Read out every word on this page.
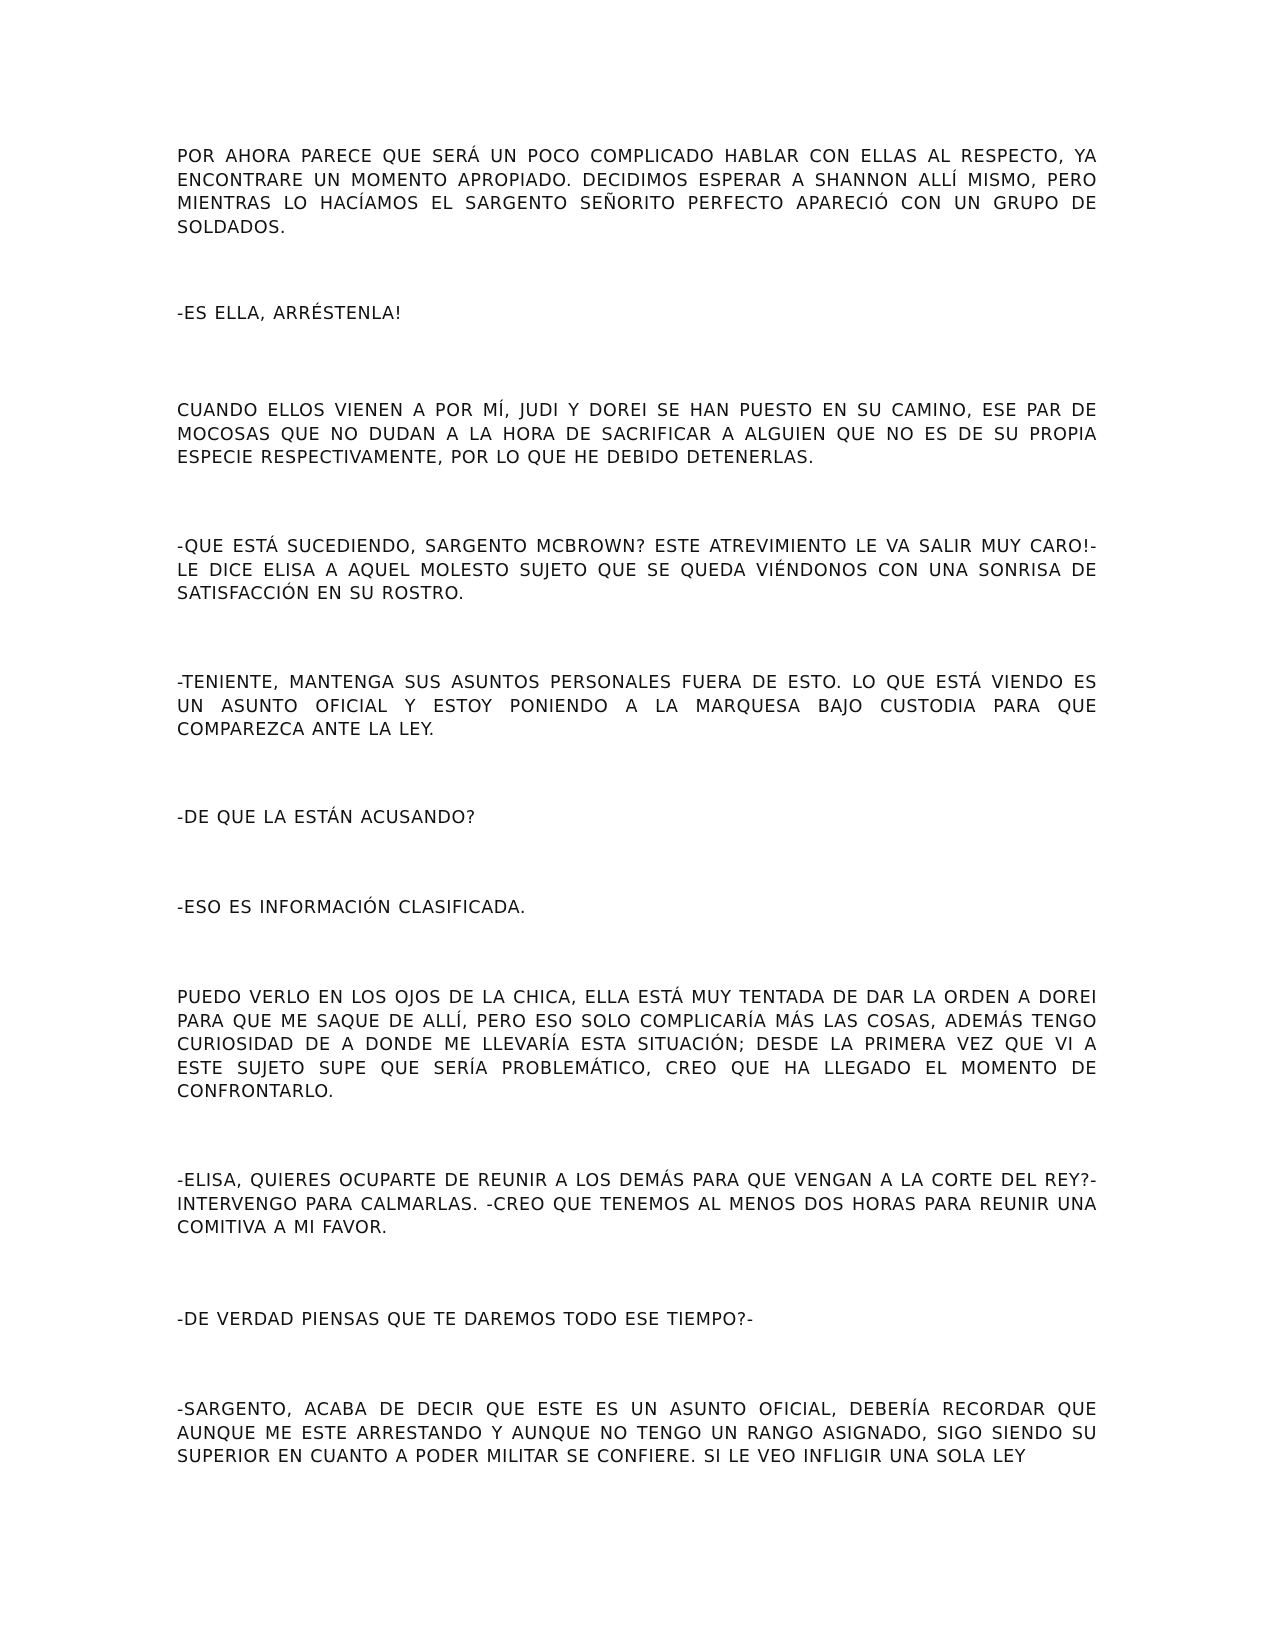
POR AHORA PARECE QUE SERÁ UN POCO COMPLICADO HABLAR CON ELLAS AL RESPECTO, YA ENCONTRARE UN MOMENTO APROPIADO. DECIDIMOS ESPERAR A SHANNON ALLÍ MISMO, PERO MIENTRAS LO HACÍAMOS EL SARGENTO SEÑORITO PERFECTO APARECIÓ CON UN GRUPO DE SOLDADOS.

-ES ELLA, ARRÉSTENLA!

CUANDO ELLOS VIENEN A POR MÍ, JUDI Y DOREI SE HAN PUESTO EN SU CAMINO, ESE PAR DE MOCOSAS QUE NO DUDAN A LA HORA DE SACRIFICAR A ALGUIEN QUE NO ES DE SU PROPIA ESPECIE RESPECTIVAMENTE, POR LO QUE HE DEBIDO DETENERLAS.

-QUE ESTÁ SUCEDIENDO, SARGENTO MCBROWN? ESTE ATREVIMIENTO LE VA SALIR MUY CARO!- LE DICE ELISA A AQUEL MOLESTO SUJETO QUE SE QUEDA VIÉNDONOS CON UNA SONRISA DE SATISFACCIÓN EN SU ROSTRO.

-TENIENTE, MANTENGA SUS ASUNTOS PERSONALES FUERA DE ESTO. LO QUE ESTÁ VIENDO ES UN ASUNTO OFICIAL Y ESTOY PONIENDO A LA MARQUESA BAJO CUSTODIA PARA QUE COMPAREZCA ANTE LA LEY.

-DE QUE LA ESTÁN ACUSANDO?

-ESO ES INFORMACIÓN CLASIFICADA.

PUEDO VERLO EN LOS OJOS DE LA CHICA, ELLA ESTÁ MUY TENTADA DE DAR LA ORDEN A DOREI PARA QUE ME SAQUE DE ALLÍ, PERO ESO SOLO COMPLICARÍA MÁS LAS COSAS, ADEMÁS TENGO CURIOSIDAD DE A DONDE ME LLEVARÍA ESTA SITUACIÓN; DESDE LA PRIMERA VEZ QUE VI A ESTE SUJETO SUPE QUE SERÍA PROBLEMÁTICO, CREO QUE HA LLEGADO EL MOMENTO DE CONFRONTARLO.

-ELISA, QUIERES OCUPARTE DE REUNIR A LOS DEMÁS PARA QUE VENGAN A LA CORTE DEL REY?- INTERVENGO PARA CALMARLAS. -CREO QUE TENEMOS AL MENOS DOS HORAS PARA REUNIR UNA COMITIVA A MI FAVOR.

-DE VERDAD PIENSAS QUE TE DAREMOS TODO ESE TIEMPO?-

-SARGENTO, ACABA DE DECIR QUE ESTE ES UN ASUNTO OFICIAL, DEBERÍA RECORDAR QUE AUNQUE ME ESTE ARRESTANDO Y AUNQUE NO TENGO UN RANGO ASIGNADO, SIGO SIENDO SU SUPERIOR EN CUANTO A PODER MILITAR SE CONFIERE. SI LE VEO INFLIGIR UNA SOLA LEY
